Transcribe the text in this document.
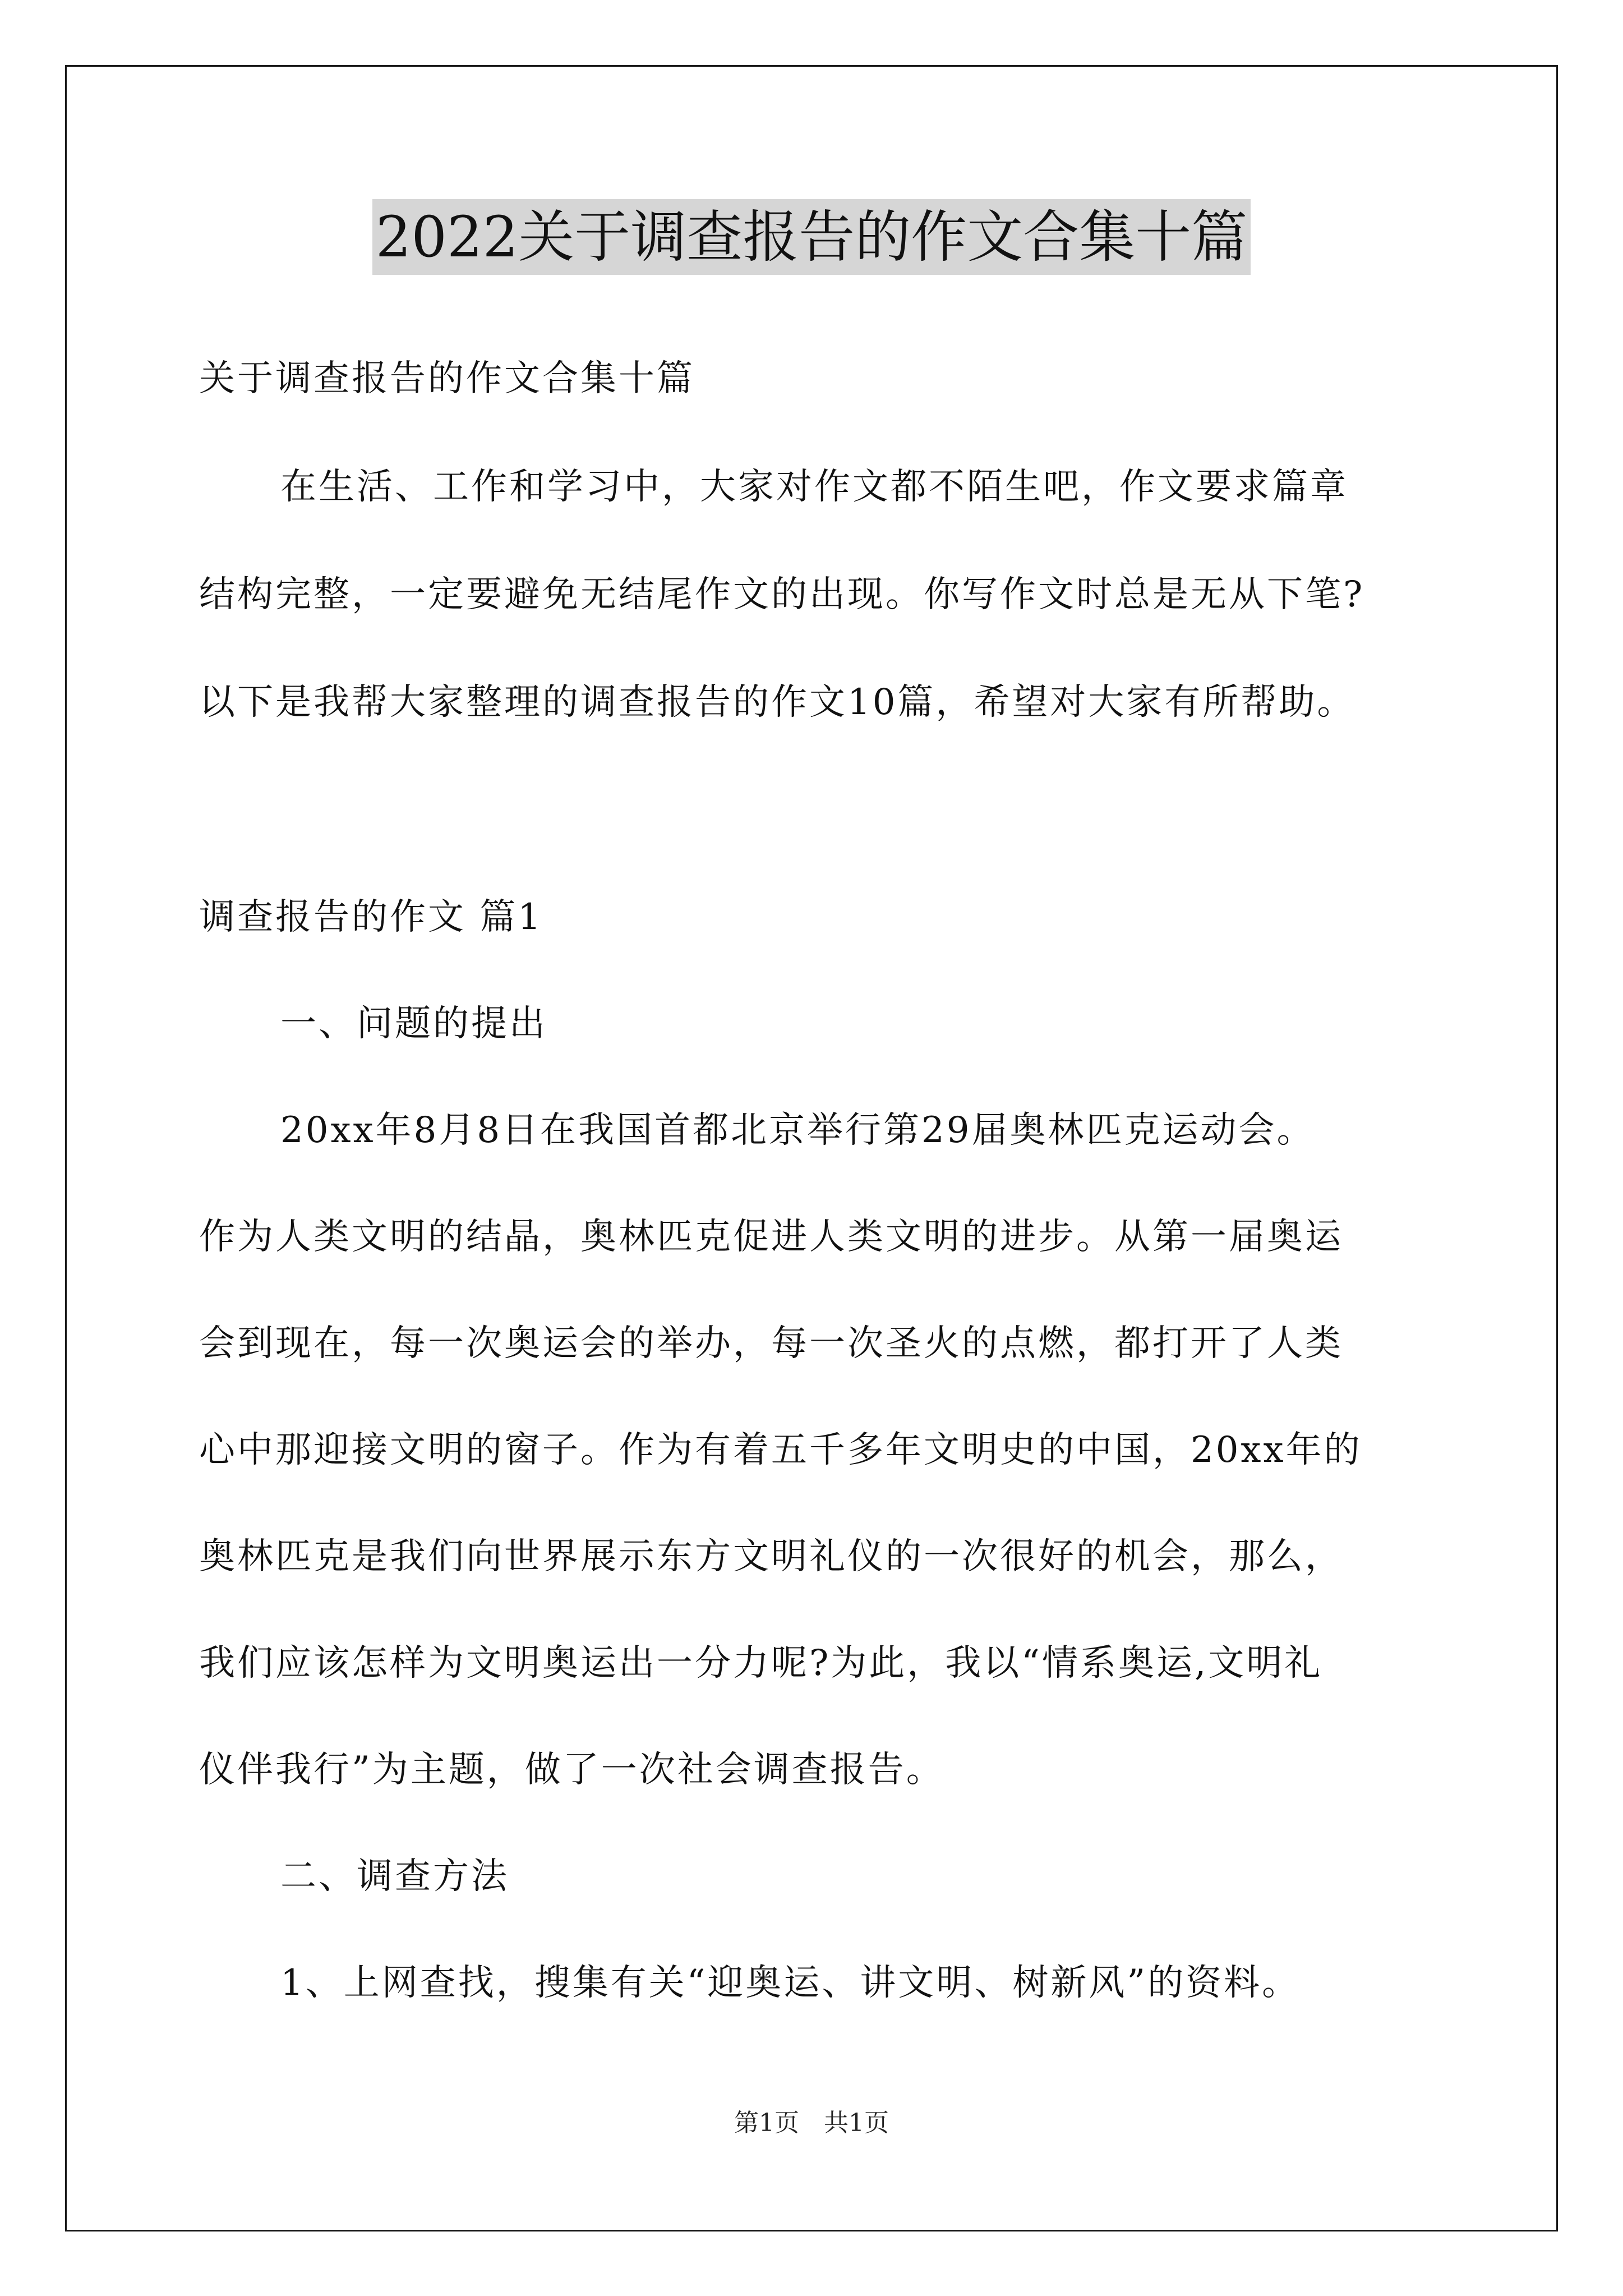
2022关于调查报告的作文合集十篇
关于调查报告的作文合集十篇
在生活、工作和学习中，大家对作文都不陌生吧，作文要求篇章
结构完整，一定要避免无结尾作文的出现。你写作文时总是无从下笔?
以下是我帮大家整理的调查报告的作文10篇，希望对大家有所帮助。
调查报告的作文 篇1
一、问题的提出
20xx年8月8日在我国首都北京举行第29届奥林匹克运动会。
作为人类文明的结晶，奥林匹克促进人类文明的进步。从第一届奥运
会到现在，每一次奥运会的举办，每一次圣火的点燃，都打开了人类
心中那迎接文明的窗子。作为有着五千多年文明史的中国，20xx年的
奥林匹克是我们向世界展示东方文明礼仪的一次很好的机会，那么，
我们应该怎样为文明奥运出一分力呢?为此，我以“情系奥运,文明礼
仪伴我行”为主题，做了一次社会调查报告。
二、调查方法
1、上网查找，搜集有关“迎奥运、讲文明、树新风”的资料。
第1页　共1页
